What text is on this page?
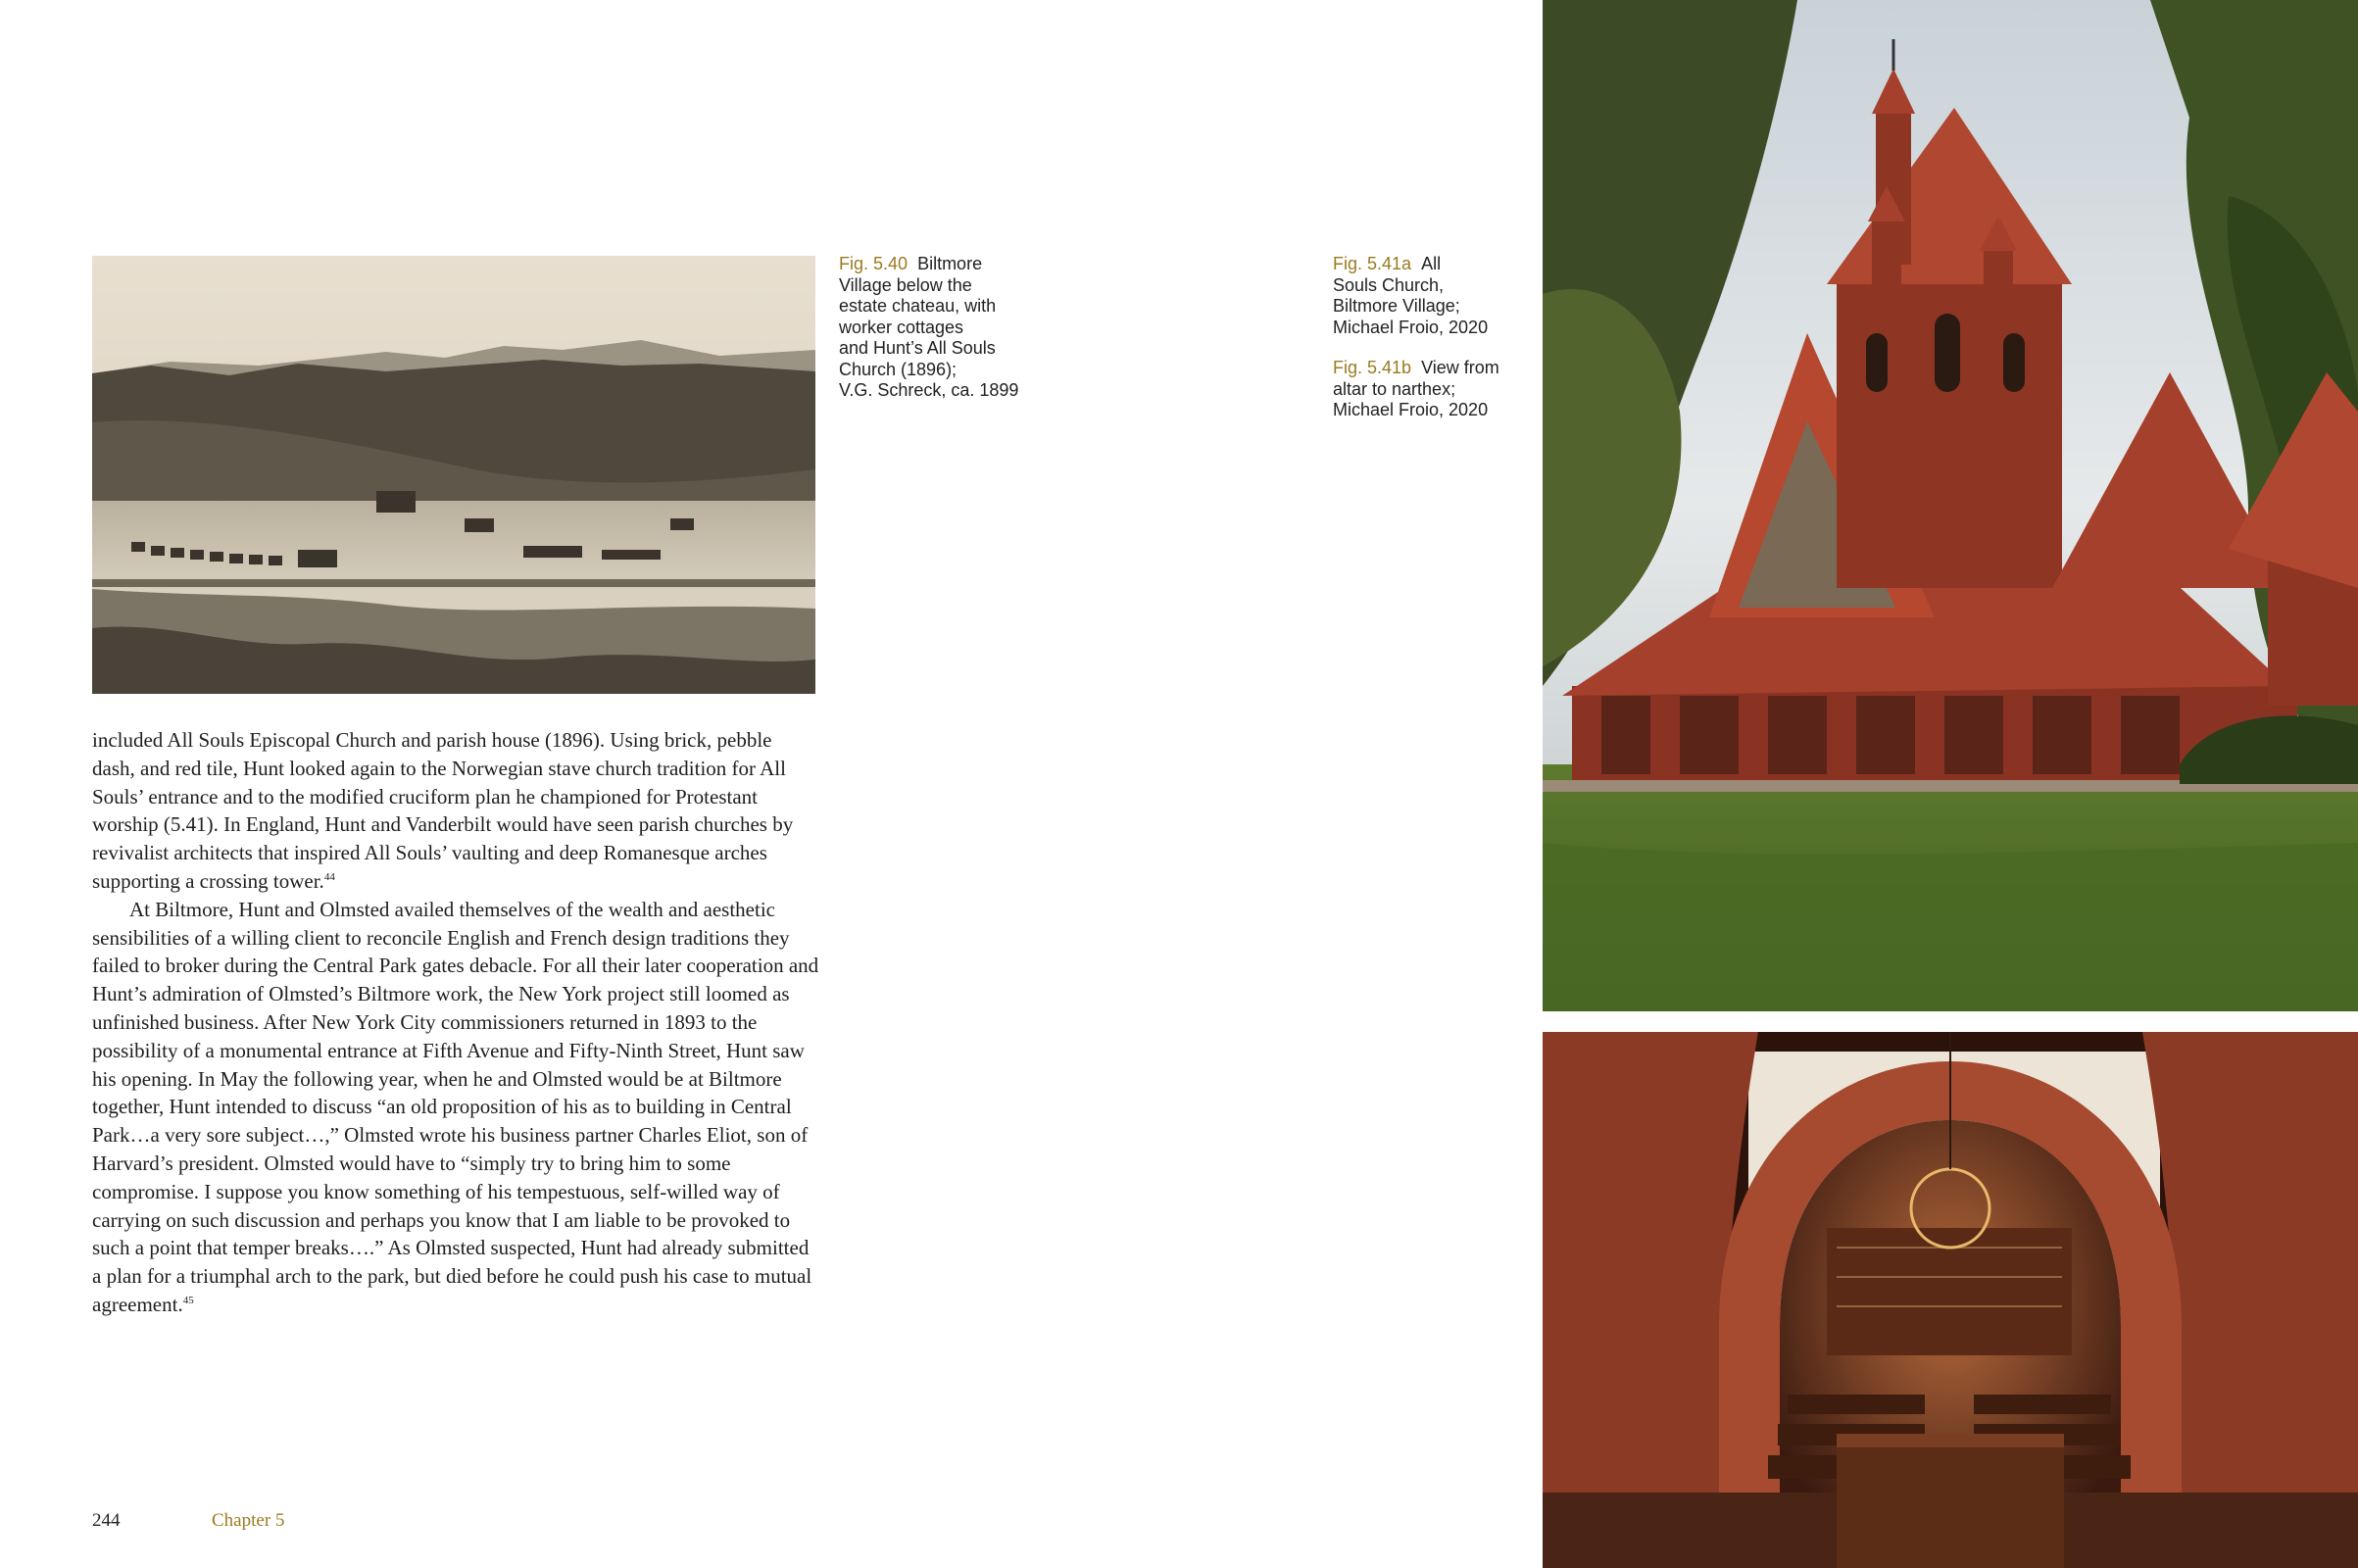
Fig. 5.40 Biltmore
Village below the
estate chateau, with
worker cottages
and Hunt’s All Souls
Church (1896);
V.G. Schreck, ca. 1899
Fig. 5.41a All
Souls Church,
Biltmore Village;
Michael Froio, 2020
Fig. 5.41b View from
altar to narthex;
Michael Froio, 2020

included All Souls Episcopal Church and parish house (1896). Using brick, pebble dash, and red tile, Hunt looked again to the Norwegian stave church tradition for All Souls’ entrance and to the modified cruciform plan he championed for Protestant worship (5.41). In England, Hunt and Vanderbilt would have seen parish churches by revivalist architects that inspired All Souls’ vaulting and deep Romanesque arches supporting a crossing tower.$^{44}$

At Biltmore, Hunt and Olmsted availed themselves of the wealth and aesthetic sensibilities of a willing client to reconcile English and French design traditions they failed to broker during the Central Park gates debacle. For all their later cooperation and Hunt’s admiration of Olmsted’s Biltmore work, the New York project still loomed as unfinished business. After New York City commissioners returned in 1893 to the possibility of a monumental entrance at Fifth Avenue and Fifty-Ninth Street, Hunt saw his opening. In May the following year, when he and Olmsted would be at Biltmore together, Hunt intended to discuss “an old proposition of his as to building in Central Park…a very sore subject…,” Olmsted wrote his business partner Charles Eliot, son of Harvard’s president. Olmsted would have to “simply try to bring him to some compromise. I suppose you know something of his tempestuous, self-willed way of carrying on such discussion and perhaps you know that I am liable to be provoked to such a point that temper breaks….” As Olmsted suspected, Hunt had already submitted a plan for a triumphal arch to the park, but died before he could push his case to mutual agreement.$^{45}$

244	Chapter 5
